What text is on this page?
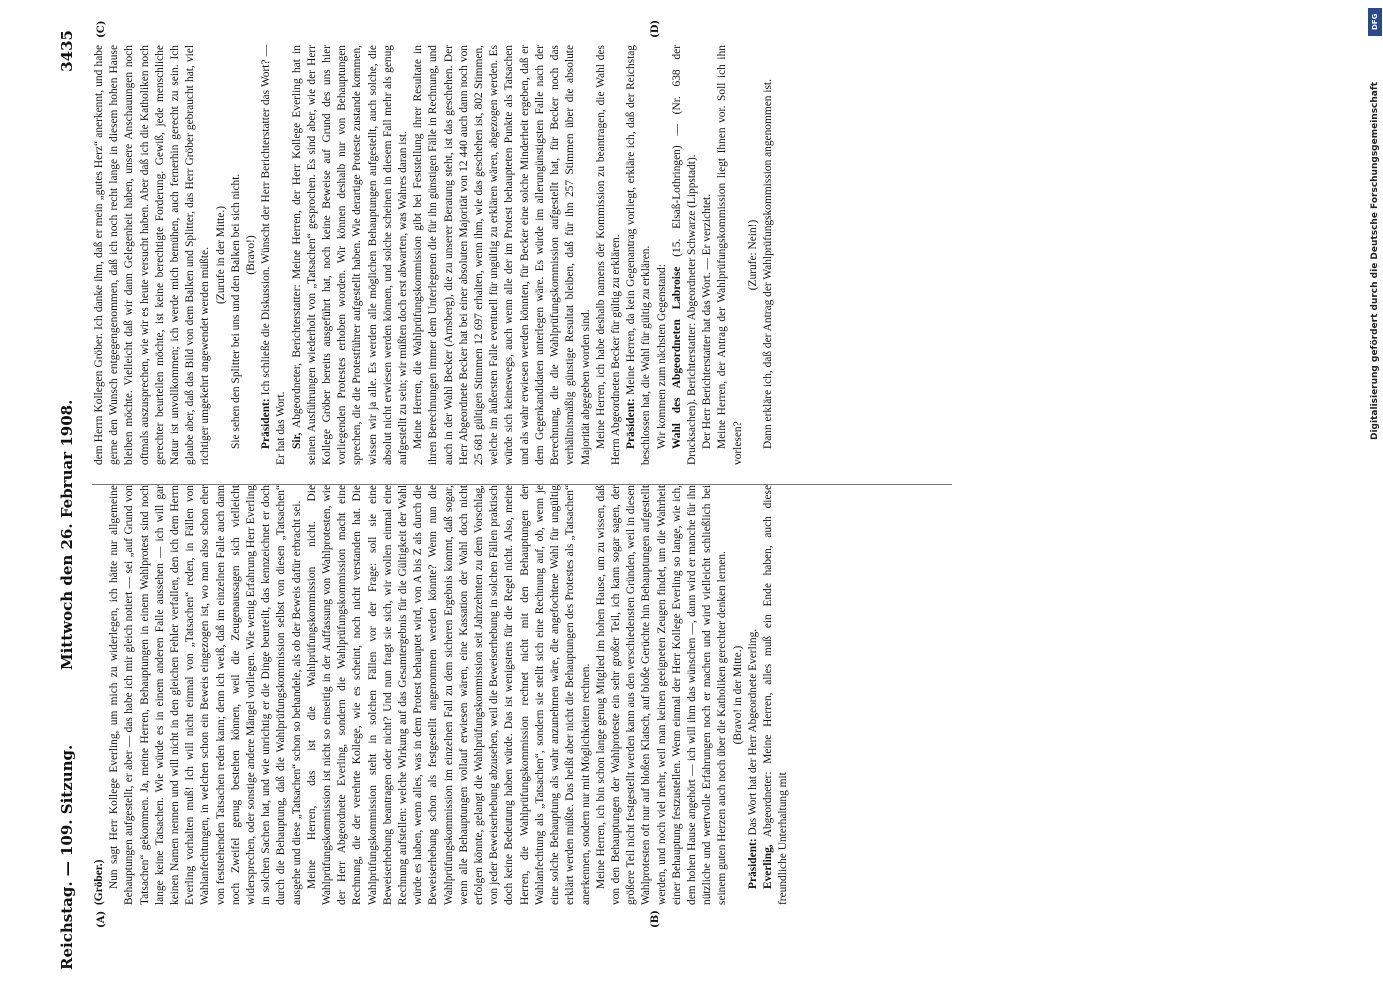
Reichstag. — 109. Sitzung.
Mittwoch den 26. Februar 1908.
3435
(A)	(B)
(C)	(D)

(Gröber.) Nun sagt Herr Kollege Everling, um mich zu widerlegen, ich hätte nur allgemeine Behauptungen aufgestellt, er aber — das habe ich mir gleich notiert — sei „auf Grund von Tatsachen“ gekommen. Ja, meine Herren, Behauptungen in einem Wahlprotest sind noch lange keine Tatsachen. Wie würde es in einem anderen Falle aussehen — ich will gar keinen Namen nennen und will nicht in den gleichen Fehler verfallen, den ich dem Herrn Everling vorhalten muß! Ich will nicht einmal von „Tatsachen“ reden, in Fällen von Wahlanfechtungen, in welchen schon ein Beweis eingezogen ist, wo man also schon eher von feststehenden Tatsachen reden kann; denn ich weiß, daß im einzelnen Falle auch dann noch Zweifel genug bestehen können, weil die Zeugenaussagen sich vielleicht widersprechen, oder sonstige andere Mängel vorliegen. Wie wenig Erfahrung Herr Everling in solchen Sachen hat, und wie unrichtig er die Dinge beurteilt, das kennzeichnet er doch durch die Behauptung, daß die Wahlprüfungskommission selbst von diesen „Tatsachen“ ausgehe und diese „Tatsachen“ schon so behandele, als ob der Beweis dafür erbracht sei. Meine Herren, das ist die Wahlprüfungskommission nicht. Die Wahlprüfungskommission ist nicht so einseitig in der Auffassung von Wahlprotesten, wie der Herr Abgeordnete Everling, sondern die Wahlprüfungskommission macht eine Rechnung, die der verehrte Kollege, wie es scheint, noch nicht verstanden hat. Die Wahlprüfungskommission steht in solchen Fällen vor der Frage: soll sie eine Beweiserhebung beantragen oder nicht? Und nun fragt sie sich, wir wollen einmal eine Rechnung aufstellen: welche Wirkung auf das Gesamtergebnis für die Gültigkeit der Wahl würde es haben, wenn alles, was in dem Protest behauptet wird, von A bis Z als durch die Beweiserhebung schon als festgestellt angenommen werden könnte? Wenn nun die Wahlprüfungskommission im einzelnen Fall zu dem sicheren Ergebnis kommt, daß sogar, wenn alle Behauptungen vollauf erwiesen wären, eine Kassation der Wahl doch nicht erfolgen könnte, gelangt die Wahlprüfungskommission seit Jahrzehnten zu dem Vorschlag, von jeder Beweiserhebung abzusehen, weil die Beweiserhebung in solchen Fällen praktisch doch keine Bedeutung haben würde. Das ist wenigstens für die Regel nicht. Also, meine Herren, die Wahlprüfungskommission rechnet nicht mit den Behauptungen der Wahlanfechtung als „Tatsachen“, sondern sie stellt sich eine Rechnung auf, ob, wenn je eine solche Behauptung als wahr anzunehmen wäre, die angefochtene Wahl für ungültig erklärt werden müßte. Das heißt aber nicht die Behauptungen des Protestes als „Tatsachen“ anerkennen, sondern nur mit Möglichkeiten rechnen. Meine Herren, ich bin schon lange genug Mitglied im hohen Hause, um zu wissen, daß von den Behauptungen der Wahlproteste ein sehr großer Teil, ich kann sogar sagen, der größere Teil nicht festgestellt werden kann aus den verschiedensten Gründen, weil in diesen Wahlprotesten oft nur auf bloßen Klatsch, auf bloße Gerüchte hin Behauptungen aufgestellt werden, und noch viel mehr, weil man keinen geeigneten Zeugen findet, um die Wahrheit einer Behauptung festzustellen. Wenn einmal der Herr Kollege Everling so lange, wie ich, dem hohen Hause angehört — ich will ihm das wünschen —, dann wird er manche für ihn nützliche und wertvolle Erfahrungen noch er machen und wird vielleicht schließlich bei seinem guten Herzen auch noch über die Katholiken gerechter denken lernen. (Bravo! in der Mitte.)

Präsident: Das Wort hat der Herr Abgeordnete Everling.

Everling, Abgeordneter: Meine Herren, alles muß ein Ende haben, auch diese freundliche Unterhaltung mit

dem Herrn Kollegen Gröber. Ich danke ihm, daß er mein „gutes Herz“ anerkennt, und habe gerne den Wunsch entgegengenommen, daß ich noch recht lange in diesem hohen Hause bleiben möchte. Vielleicht daß wir dann Gelegenheit haben, unsere Anschauungen noch oftmals auszusprechen, wie wir es heute versucht haben. Aber daß ich die Katholiken noch gerechter beurteilen möchte, ist keine berechtigte Forderung. Gewiß, jede menschliche Natur ist unvollkommen; ich werde mich bemühen, auch fernerhin gerecht zu sein. Ich glaube aber, daß das Bild von dem Balken und Splitter, das Herr Gröber gebraucht hat, viel richtiger umgekehrt angewendet werden müßte. (Zurufe in der Mitte.) Sie sehen den Splitter bei uns und den Balken bei sich nicht. (Bravo!)

Präsident: Ich schließe die Diskussion. Wünscht der Herr Berichterstatter das Wort? — Er hat das Wort. Sir, Abgeordneter, Berichterstatter: Meine Herren, der Herr Kollege Everling hat in seinen Ausführungen wiederholt von „Tatsachen“ gesprochen. Es sind aber, wie der Herr Kollege Gröber bereits ausgeführt hat, noch keine Beweise auf Grund des uns hier vorliegenden Protestes erhoben worden. Wir können deshalb nur von Behauptungen sprechen, die die Protestführer aufgestellt haben. Wie derartige Proteste zustande kommen, wissen wir ja alle. Es werden alle möglichen Behauptungen aufgestellt, auch solche, die absolut nicht erwiesen werden können, und solche scheinen in diesem Fall mehr als genug aufgestellt zu sein; wir müßten doch erst abwarten, was Wahres daran ist. Meine Herren, die Wahlprüfungskommission gibt bei Feststellung ihrer Resultate in ihren Berechnungen immer dem Unterlegenen die für ihn günstigen Fälle in Rechnung, und auch in der Wahl Becker (Arnsberg), die zu unserer Beratung steht, ist das geschehen. Der Herr Abgeordnete Becker hat bei einer absoluten Majorität von 12 440 auch dann noch von 25 681 gültigen Stimmen 12 697 erhalten, wenn ihm, wie das geschehen ist, 802 Stimmen, welche im äußersten Falle eventuell für ungültig zu erklären wären, abgezogen werden. Es würde sich keineswegs, auch wenn alle der im Protest behaupteten Punkte als Tatsachen und als wahr erwiesen werden könnten, für Becker eine solche Minderheit ergeben, daß er dem Gegenkandidaten unterlegen wäre. Es würde im allerungünstigsten Falle nach der Berechnung, die die Wahlprüfungskommission aufgestellt hat, für Becker noch das verhältnismäßig günstige Resultat bleiben, daß für ihn 257 Stimmen über die absolute Majorität abgegeben worden sind. Meine Herren, ich habe deshalb namens der Kommission zu beantragen, die Wahl des Herrn Abgeordneten Becker für gültig zu erklären. Präsident: Meine Herren, da kein Gegenantrag vorliegt, erkläre ich, daß der Reichstag beschlossen hat, die Wahl für gültig zu erklären. Wir kommen zum nächsten Gegenstand: Wahl des Abgeordneten Labroise (15. Elsaß-Lothringen) — (Nr. 638 der Drucksachen). Berichterstatter: Abgeordneter Schwarze (Lippstadt). Der Herr Berichterstatter hat das Wort. — Er verzichtet. Meine Herren, der Antrag der Wahlprüfungskommission liegt Ihnen vor. Soll ich ihn vorlesen?

(Zurufe: Nein!) Dann erkläre ich, daß der Antrag der Wahlprüfungskommission angenommen ist.

DFG
Digitalisierung gefördert durch die Deutsche Forschungsgemeinschaft
